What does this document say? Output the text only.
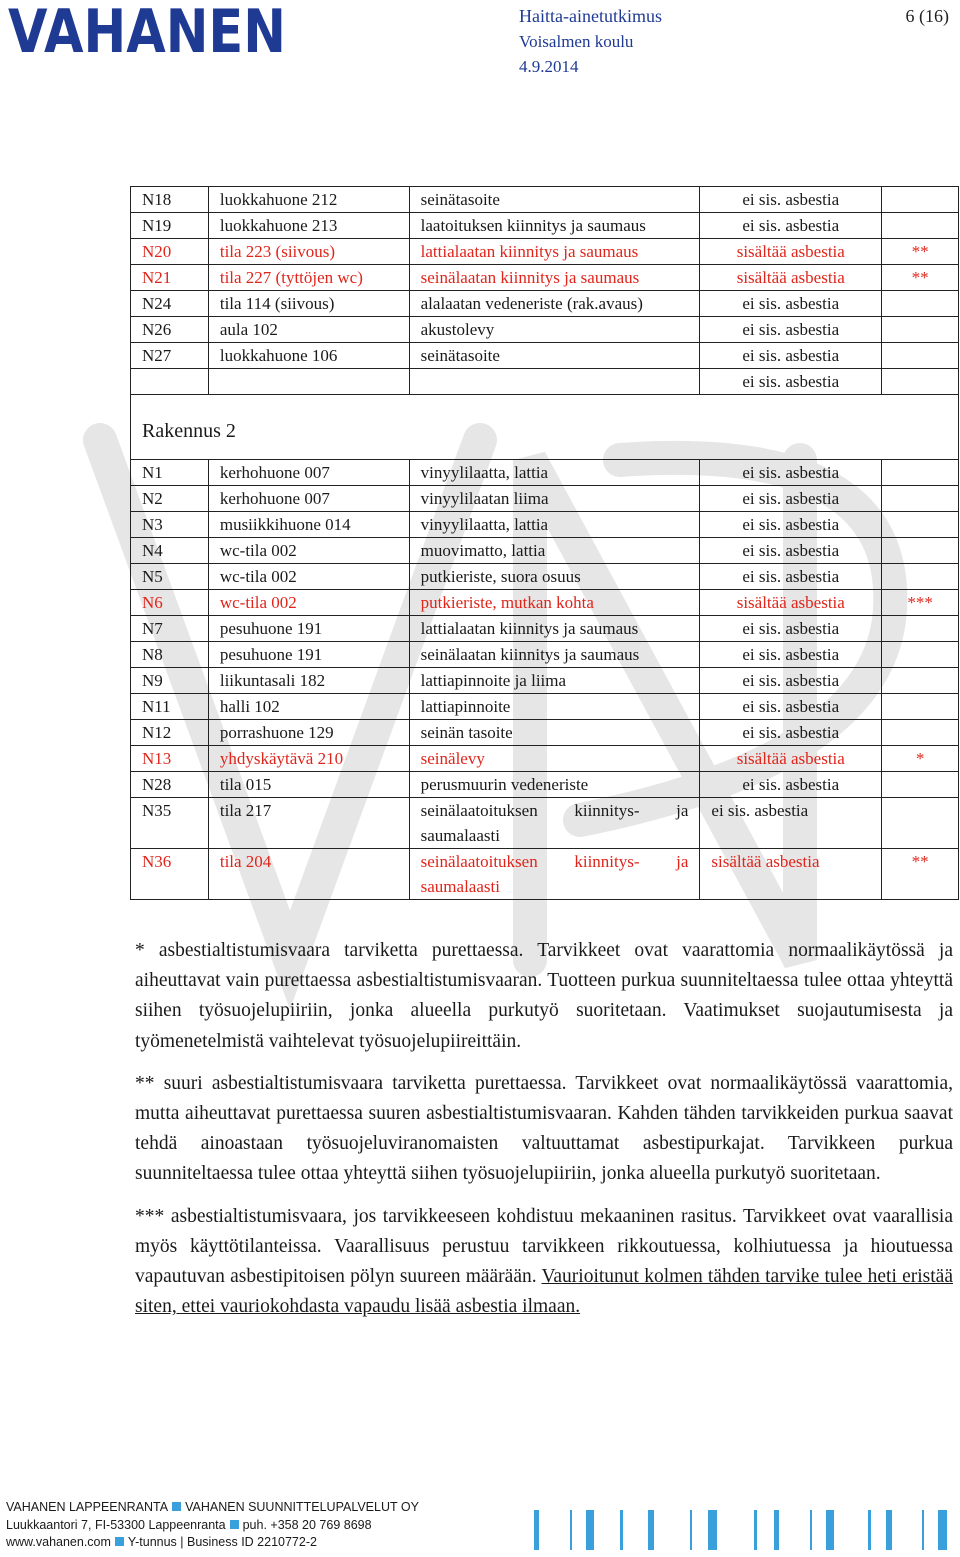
VAHANEN	Haitta-ainetutkimus	6 (16)
Voisalmen koulu
4.9.2014
N18	luokkahuone 212	seinätasoite	ei sis. asbestia	
N19	luokkahuone 213	laatoituksen kiinnitys ja saumaus	ei sis. asbestia	
N20	tila 223 (siivous)	lattialaatan kiinnitys ja saumaus	sisältää asbestia	**
N21	tila 227 (tyttöjen wc)	seinälaatan kiinnitys ja saumaus	sisältää asbestia	**
N24	tila 114 (siivous)	alalaatan vedeneriste (rak.avaus)	ei sis. asbestia	
N26	aula 102	akustolevy	ei sis. asbestia	
N27	luokkahuone 106	seinätasoite	ei sis. asbestia	
			ei sis. asbestia	
Rakennus 2				
N1	kerhohuone 007	vinyylilaatta, lattia	ei sis. asbestia	
N2	kerhohuone 007	vinyylilaatan liima	ei sis. asbestia	
N3	musiikkihuone 014	vinyylilaatta, lattia	ei sis. asbestia	
N4	wc-tila 002	muovimatto, lattia	ei sis. asbestia	
N5	wc-tila 002	putkieriste, suora osuus	ei sis. asbestia	
N6	wc-tila 002	putkieriste, mutkan kohta	sisältää asbestia	***
N7	pesuhuone 191	lattialaatan kiinnitys ja saumaus	ei sis. asbestia	
N8	pesuhuone 191	seinälaatan kiinnitys ja saumaus	ei sis. asbestia	
N9	liikuntasali 182	lattiapinnoite ja liima	ei sis. asbestia	
N11	halli 102	lattiapinnoite	ei sis. asbestia	
N12	porrashuone 129	seinän tasoite	ei sis. asbestia	
N13	yhdyskäytävä 210	seinälevy	sisältää asbestia	*
N28	tila 015	perusmuurin vedeneriste	ei sis. asbestia	
N35	tila 217	seinälaatoituksen kiinnitys- ja saumalaasti	ei sis. asbestia	
N36	tila 204	seinälaatoituksen kiinnitys- ja saumalaasti	sisältää asbestia	**

* asbestialtistumisvaara tarviketta purettaessa. Tarvikkeet ovat vaarattomia normaalikäytössä ja aiheuttavat vain purettaessa asbestialtistumisvaaran. Tuotteen purkua suunniteltaessa tulee ottaa yhteyttä siihen työsuojelupiiriin, jonka alueella purkutyö suoritetaan. Vaatimukset suojautumisesta ja työmenetelmistä vaihtelevat työsuojelupiireittäin.

** suuri asbestialtistumisvaara tarviketta purettaessa. Tarvikkeet ovat normaalikäytössä vaarattomia, mutta aiheuttavat purettaessa suuren asbestialtistumisvaaran. Kahden tähden tarvikkeiden purkua saavat tehdä ainoastaan työsuojeluviranomaisten valtuuttamat asbestipurkajat. Tarvikkeen purkua suunniteltaessa tulee ottaa yhteyttä siihen työsuojelupiiriin, jonka alueella purkutyö suoritetaan.

*** asbestialtistumisvaara, jos tarvikkeeseen kohdistuu mekaaninen rasitus. Tarvikkeet ovat vaarallisia myös käyttötilanteissa. Vaarallisuus perustuu tarvikkeen rikkoutuessa, kolhiutuessa ja hioutuessa vapautuvan asbestipitoisen pölyn suureen määrään. Vaurioitunut kolmen tähden tarvike tulee heti eristää siten, ettei vauriokohdasta vapaudu lisää asbestia ilmaan.

VAHANEN LAPPEENRANTA VAHANEN SUUNNITTELUPALVELUT OY
Luukkaantori 7, FI-53300 Lappeenranta puh. +358 20 769 8698
www.vahanen.com Y-tunnus | Business ID 2210772-2
